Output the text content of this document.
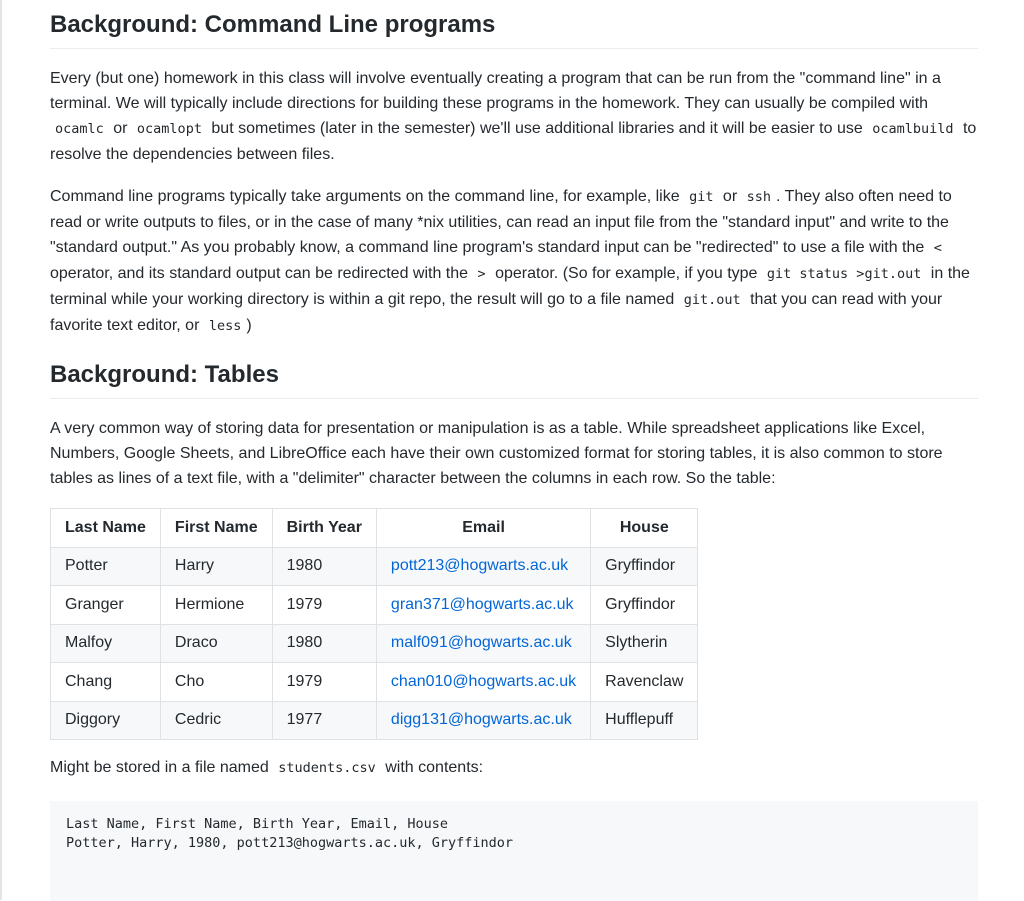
Background: Command Line programs

Every (but one) homework in this class will involve eventually creating a program that can be run from the "command line" in a terminal. We will typically include directions for building these programs in the homework. They can usually be compiled with ocamlc or ocamlopt but sometimes (later in the semester) we'll use additional libraries and it will be easier to use ocamlbuild to resolve the dependencies between files.

Command line programs typically take arguments on the command line, for example, like git or ssh . They also often need to read or write outputs to files, or in the case of many *nix utilities, can read an input file from the "standard input" and write to the "standard output." As you probably know, a command line program's standard input can be "redirected" to use a file with the < operator, and its standard output can be redirected with the > operator. (So for example, if you type git status >git.out in the terminal while your working directory is within a git repo, the result will go to a file named git.out that you can read with your favorite text editor, or less )

Background: Tables

A very common way of storing data for presentation or manipulation is as a table. While spreadsheet applications like Excel, Numbers, Google Sheets, and LibreOffice each have their own customized format for storing tables, it is also common to store tables as lines of a text file, with a "delimiter" character between the columns in each row. So the table:

Last Name	First Name	Birth Year	Email	House
Potter	Harry	1980	pott213@hogwarts.ac.uk	Gryffindor
Granger	Hermione	1979	gran371@hogwarts.ac.uk	Gryffindor
Malfoy	Draco	1980	malf091@hogwarts.ac.uk	Slytherin
Chang	Cho	1979	chan010@hogwarts.ac.uk	Ravenclaw
Diggory	Cedric	1977	digg131@hogwarts.ac.uk	Hufflepuff

Might be stored in a file named students.csv with contents:

Last Name, First Name, Birth Year, Email, House
Potter, Harry, 1980, pott213@hogwarts.ac.uk, Gryffindor
